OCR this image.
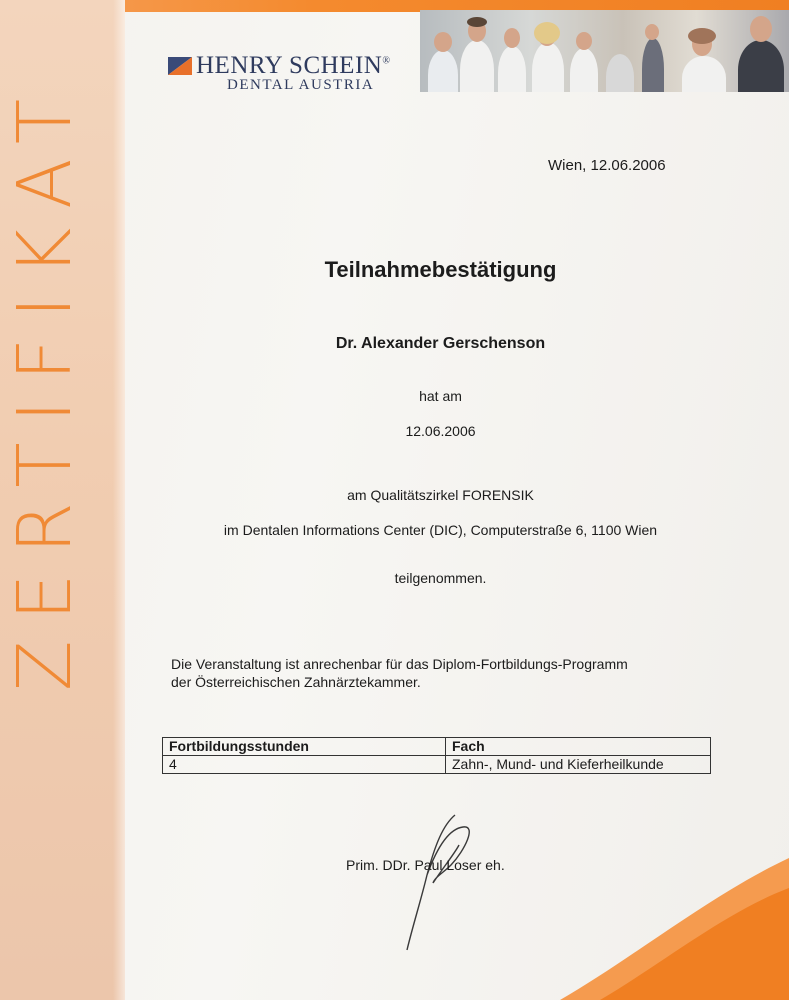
ZERTIFIKAT
HENRY SCHEIN®
DENTAL AUSTRIA
Wien, 12.06.2006
Teilnahmebestätigung
Dr. Alexander Gerschenson
hat am
12.06.2006
am Qualitätszirkel FORENSIK
im Dentalen Informations Center (DIC), Computerstraße 6, 1100 Wien
teilgenommen.
Die Veranstaltung ist anrechenbar für das Diplom-Fortbildungs-Programm
der Österreichischen Zahnärztekammer.
Fortbildungsstunden	Fach
4	Zahn-, Mund- und Kieferheilkunde
Prim. DDr. Paul Loser eh.
